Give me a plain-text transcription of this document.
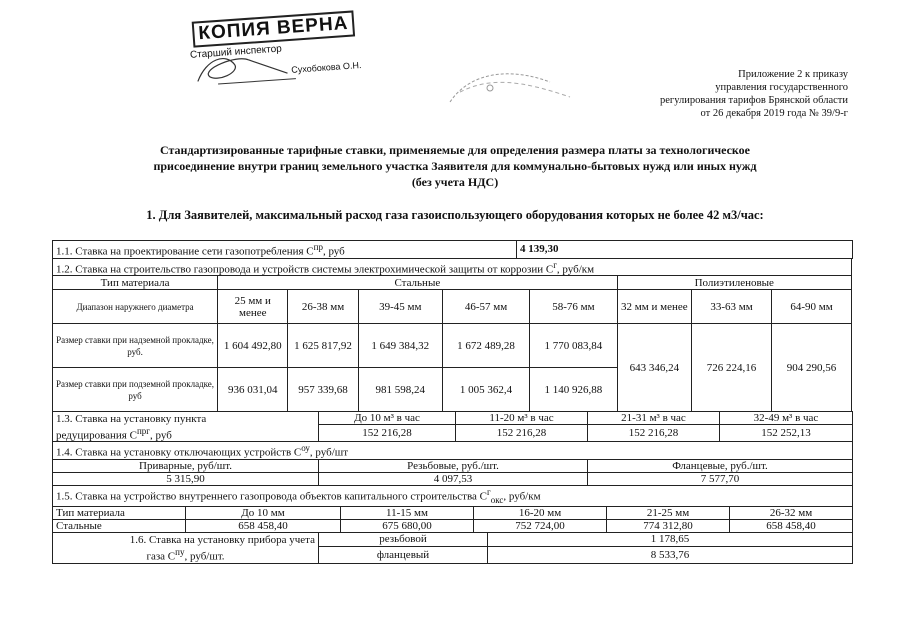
КОПИЯ ВЕРНА
Старший инспектор
Сухобокова О.Н.	Приложение 2 к приказу
управления государственного
регулирования тарифов Брянской области
от 26 декабря 2019 года № 39/9-г
Стандартизированные тарифные ставки, применяемые для определения размера платы за технологическое
присоединение внутри границ земельного участка Заявителя для коммунально-бытовых нужд или иных нужд
(без учета НДС)
1. Для Заявителей, максимальный расход газа газоиспользующего оборудования которых не более 42 м3/час:
1.1. Ставка на проектирование сети газопотребления $С^{пр}$, руб	4 139,30
1.2. Ставка на строительство газопровода и устройств системы электрохимической защиты от коррозии $С^г$, руб/км								
Тип материала	Стальные					Полиэтиленовые		
Диапазон наружнего диаметра	25 мм и менее	26-38 мм	39-45 мм	46-57 мм	58-76 мм	32 мм и менее	33-63 мм	64-90 мм
Размер ставки при надземной прокладке, руб.	1 604 492,80	1 625 817,92	1 649 384,32	1 672 489,28	1 770 083,84	643 346,24	726 224,16	904 290,56
Размер ставки при подземной прокладке, руб	936 031,04	957 339,68	981 598,24	1 005 362,4	1 140 926,88			
1.3. Ставка на установку пункта	До 10 м³ в час	11-20 м³ в час	21-31 м³ в час	32-49 м³ в час
редуцирования $С^{прг}$, руб	152 216,28	152 216,28	152 216,28	152 252,13
1.4. Ставка на установку отключающих устройств $С^{оу}$, руб/шт		
Приварные, руб/шт.	Резьбовые, руб./шт.	Фланцевые, руб./шт.
5 315,90	4 097,53	7 577,70
1.5. Ставка на устройство внутреннего газопровода объектов капитального строительства $С^г_{окс}$, руб/км					
Тип материала	До 10 мм	11-15 мм	16-20 мм	21-25 мм	26-32 мм
Стальные	658 458,40	675 680,00	752 724,00	774 312,80	658 458,40
1.6. Ставка на установку прибора учета	резьбовой	1 178,65
газа $С^{пу}$, руб/шт.	фланцевый	8 533,76
